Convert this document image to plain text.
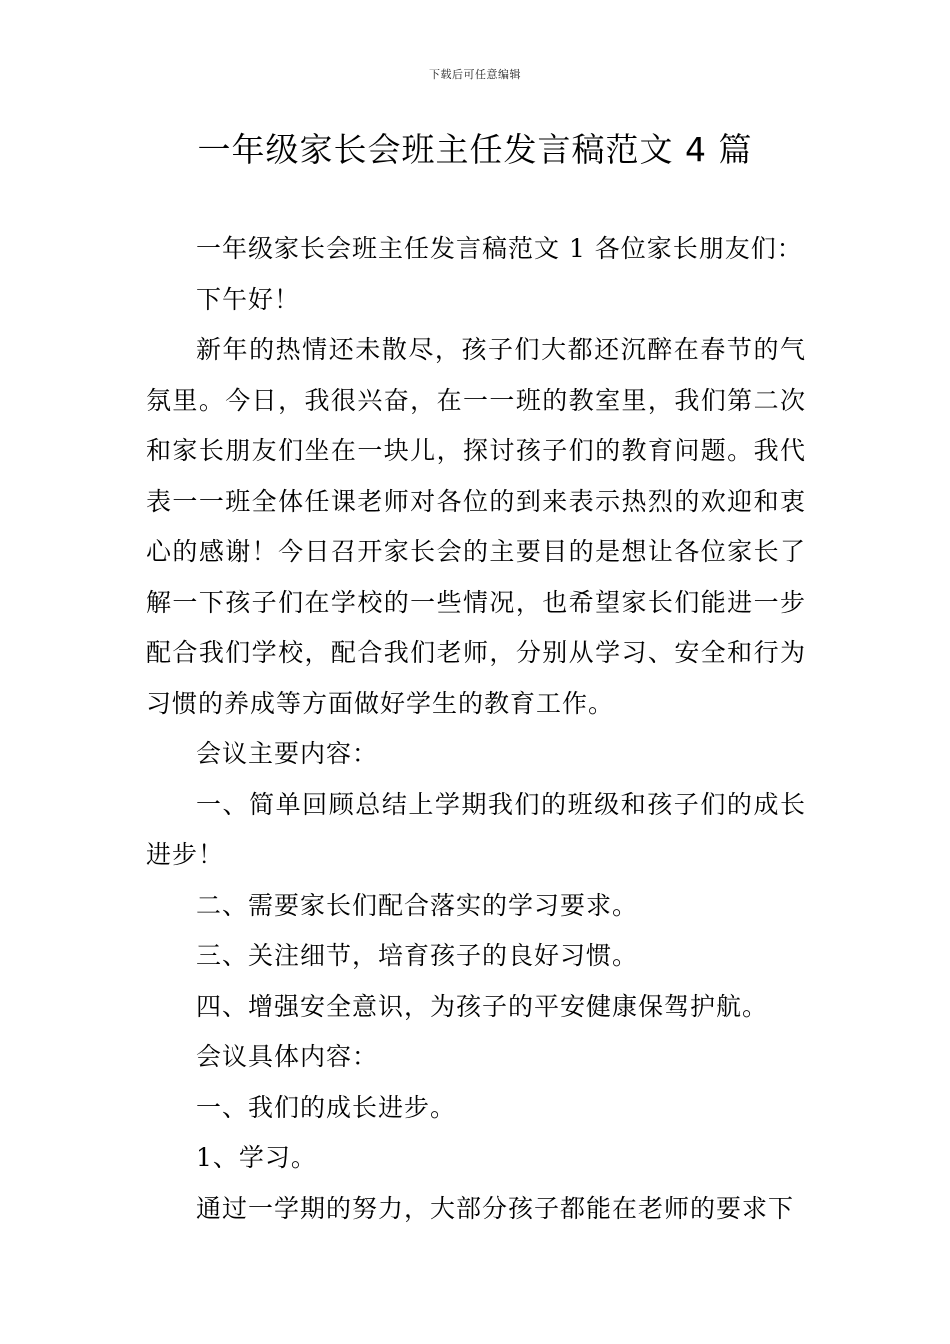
下载后可任意编辑
一年级家长会班主任发言稿范文 4 篇

一年级家长会班主任发言稿范文 1 各位家长朋友们：

下午好！

新年的热情还未散尽，孩子们大都还沉醉在春节的气氛里。今日，我很兴奋，在一一班的教室里，我们第二次和家长朋友们坐在一块儿，探讨孩子们的教育问题。我代表一一班全体任课老师对各位的到来表示热烈的欢迎和衷心的感谢！今日召开家长会的主要目的是想让各位家长了解一下孩子们在学校的一些情况，也希望家长们能进一步配合我们学校，配合我们老师，分别从学习、安全和行为习惯的养成等方面做好学生的教育工作。

会议主要内容：

一、简单回顾总结上学期我们的班级和孩子们的成长进步！

二、需要家长们配合落实的学习要求。

三、关注细节，培育孩子的良好习惯。

四、增强安全意识，为孩子的平安健康保驾护航。

会议具体内容：

一、我们的成长进步。

1、学习。

通过一学期的努力，大部分孩子都能在老师的要求下
